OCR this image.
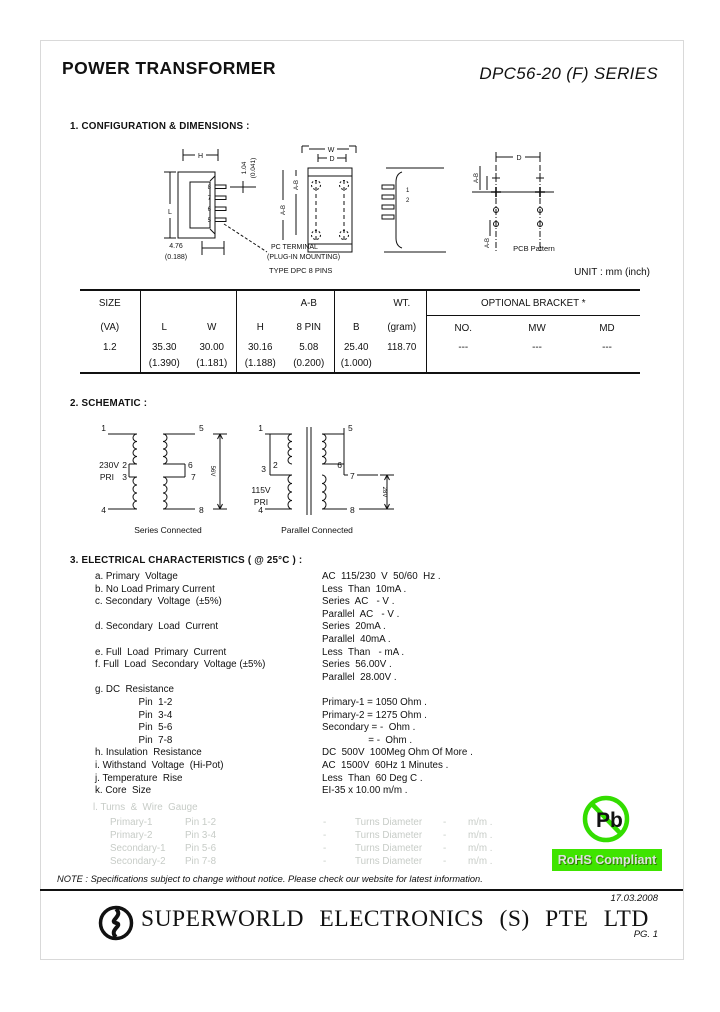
POWER TRANSFORMER	DPC56-20 (F) SERIES
1. CONFIGURATION & DIMENSIONS :
8
7
6
5
H
L
1.04 (0.041)
4.76
(0.188)
PC TERMINAL
(PLUG-IN MOUNTING)
TYPE DPC 8 PINS
W
D
A-B
A-B
1
2
D
A-B
A-B
PCB Pattern
UNIT : mm (inch)
SIZE				A-B		WT.	OPTIONAL BRACKET *		
(VA)	L	W	H	8 PIN	B	(gram)	NO.	MW	MD
1.2	35.30	30.00	30.16	5.08	25.40	118.70	---	---	---
	(1.390)	(1.181)	(1.188)	(0.200)	(1.000)				
2. SCHEMATIC :
1
2
3
4
5
6
7
8
230V
PRI
56V
Series Connected
1
2
3
4
5
6
7
8
115V
PRI
28V
Parallel Connected
3. ELECTRICAL CHARACTERISTICS ( @ 25°C ) :
a. Primary  Voltage	AC  115/230  V  50/60  Hz .
b. No Load Primary Current	Less  Than  10mA .
c. Secondary  Voltage  (±5%)	Series  AC   - V .
Parallel  AC   - V .
d. Secondary  Load  Current	Series  20mA .
Parallel  40mA .
e. Full  Load  Primary  Current	Less  Than   - mA .
f. Full  Load  Secondary  Voltage (±5%)	Series  56.00V .
Parallel  28.00V .
g. DC  Resistance
Pin  1-2	Primary-1 = 1050 Ohm .
Pin  3-4	Primary-2 = 1275 Ohm .
Pin  5-6	Secondary = -  Ohm .
Pin  7-8	= -  Ohm .
h. Insulation  Resistance	DC  500V  100Meg Ohm Of More .
i. Withstand  Voltage  (Hi-Pot)	AC  1500V  60Hz 1 Minutes .
j. Temperature  Rise	Less  Than  60 Deg C .
k. Core  Size	EI-35 x 10.00 m/m .
l. Turns  &  Wire  Gauge
Primary-1	Pin 1-2	-	Turns Diameter	-	m/m .
Primary-2	Pin 3-4	-	Turns Diameter	-	m/m .
Secondary-1	Pin 5-6	-	Turns Diameter	-	m/m .
Secondary-2	Pin 7-8	-	Turns Diameter	-	m/m .
Pb
RoHS Compliant
NOTE : Specifications subject to change without notice. Please check our website for latest information.
17.03.2008
SUPERWORLD ELECTRONICS (S) PTE LTD
PG. 1
